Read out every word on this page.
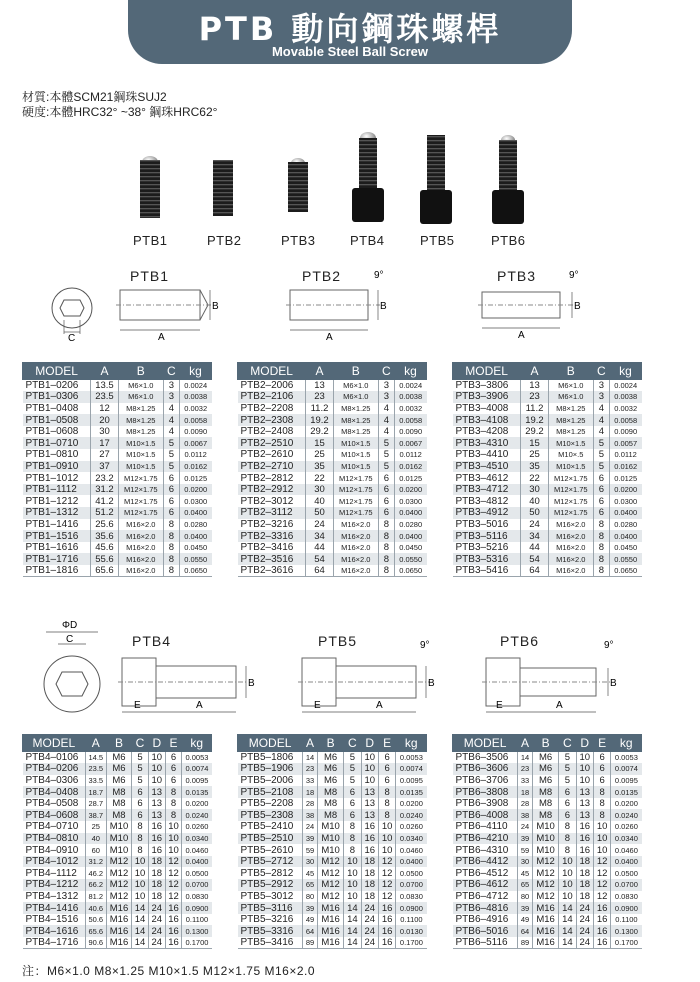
PTB 動向鋼珠螺桿
Movable Steel Ball Screw
材質:本體SCM21鋼珠SUJ2
硬度:本體HRC32° ~38° 鋼珠HRC62°
PTB1	PTB2	PTB3	PTB4	PTB5	PTB6
PTB1	PTB2	PTB3
PTB4	PTB5	PTB6
C
B
A
B
9°
A
B
9°
A
ΦD
C
B
E	A
B
9°
E	A
B
9°
E	A
MODEL	A	B	C	kg
PTB1–0206	13.5	M6×1.0	3	0.0024
PTB1–0306	23.5	M6×1.0	3	0.0038
PTB1–0408	12	M8×1.25	4	0.0032
PTB1–0508	20	M8×1.25	4	0.0058
PTB1–0608	30	M8×1.25	4	0.0090
PTB1–0710	17	M10×1.5	5	0.0067
PTB1–0810	27	M10×1.5	5	0.0112
PTB1–0910	37	M10×1.5	5	0.0162
PTB1–1012	23.2	M12×1.75	6	0.0125
PTB1–1112	31.2	M12×1.75	6	0.0200
PTB1–1212	41.2	M12×1.75	6	0.0300
PTB1–1312	51.2	M12×1.75	6	0.0400
PTB1–1416	25.6	M16×2.0	8	0.0280
PTB1–1516	35.6	M16×2.0	8	0.0400
PTB1–1616	45.6	M16×2.0	8	0.0450
PTB1–1716	55.6	M16×2.0	8	0.0550
PTB1–1816	65.6	M16×2.0	8	0.0650
MODEL	A	B	C	kg
PTB2–2006	13	M6×1.0	3	0.0024
PTB2–2106	23	M6×1.0	3	0.0038
PTB2–2208	11.2	M8×1.25	4	0.0032
PTB2–2308	19.2	M8×1.25	4	0.0058
PTB2–2408	29.2	M8×1.25	4	0.0090
PTB2–2510	15	M10×1.5	5	0.0067
PTB2–2610	25	M10×1.5	5	0.0112
PTB2–2710	35	M10×1.5	5	0.0162
PTB2–2812	22	M12×1.75	6	0.0125
PTB2–2912	30	M12×1.75	6	0.0200
PTB2–3012	40	M12×1.75	6	0.0300
PTB2–3112	50	M12×1.75	6	0.0400
PTB2–3216	24	M16×2.0	8	0.0280
PTB2–3316	34	M16×2.0	8	0.0400
PTB2–3416	44	M16×2.0	8	0.0450
PTB2–3516	54	M16×2.0	8	0.0550
PTB2–3616	64	M16×2.0	8	0.0650
MODEL	A	B	C	kg
PTB3–3806	13	M6×1.0	3	0.0024
PTB3–3906	23	M6×1.0	3	0.0038
PTB3–4008	11.2	M8×1.25	4	0.0032
PTB3–4108	19.2	M8×1.25	4	0.0058
PTB3–4208	29.2	M8×1.25	4	0.0090
PTB3–4310	15	M10×1.5	5	0.0057
PTB3–4410	25	M10×.5	5	0.0112
PTB3–4510	35	M10×1.5	5	0.0162
PTB3–4612	22	M12×1.75	6	0.0125
PTB3–4712	30	M12×1.75	6	0.0200
PTB3–4812	40	M12×1.75	6	0.0300
PTB3–4912	50	M12×1.75	6	0.0400
PTB3–5016	24	M16×2.0	8	0.0280
PTB3–5116	34	M16×2.0	8	0.0400
PTB3–5216	44	M16×2.0	8	0.0450
PTB3–5316	54	M16×2.0	8	0.0550
PTB3–5416	64	M16×2.0	8	0.0650
MODEL	A	B	C	D	E	kg
PTB4–0106	14.5	M6	5	10	6	0.0053
PTB4–0206	23.5	M6	5	10	6	0.0074
PTB4–0306	33.5	M6	5	10	6	0.0095
PTB4–0408	18.7	M8	6	13	8	0.0135
PTB4–0508	28.7	M8	6	13	8	0.0200
PTB4–0608	38.7	M8	6	13	8	0.0240
PTB4–0710	25	M10	8	16	10	0.0260
PTB4–0810	40	M10	8	16	10	0.0340
PTB4–0910	60	M10	8	16	10	0.0460
PTB4–1012	31.2	M12	10	18	12	0.0400
PTB4–1112	46.2	M12	10	18	12	0.0500
PTB4–1212	66.2	M12	10	18	12	0.0700
PTB4–1312	81.2	M12	10	18	12	0.0830
PTB4–1416	40.6	M16	14	24	16	0.0900
PTB4–1516	50.6	M16	14	24	16	0.1100
PTB4–1616	65.6	M16	14	24	16	0.1300
PTB4–1716	90.6	M16	14	24	16	0.1700
MODEL	A	B	C	D	E	kg
PTB5–1806	14	M6	5	10	6	0.0053
PTB5–1906	23	M6	5	10	6	0.0074
PTB5–2006	33	M6	5	10	6	0.0095
PTB5–2108	18	M8	6	13	8	0.0135
PTB5–2208	28	M8	6	13	8	0.0200
PTB5–2308	38	M8	6	13	8	0.0240
PTB5–2410	24	M10	8	16	10	0.0260
PTB5–2510	39	M10	8	16	10	0.0340
PTB5–2610	59	M10	8	16	10	0.0460
PTB5–2712	30	M12	10	18	12	0.0400
PTB5–2812	45	M12	10	18	12	0.0500
PTB5–2912	65	M12	10	18	12	0.0700
PTB5–3012	80	M12	10	18	12	0.0830
PTB5–3116	39	M16	14	24	16	0.0900
PTB5–3216	49	M16	14	24	16	0.1100
PTB5–3316	64	M16	14	24	16	0.0130
PTB5–3416	89	M16	14	24	16	0.1700
MODEL	A	B	C	D	E	kg
PTB6–3506	14	M6	5	10	6	0.0053
PTB6–3606	23	M6	5	10	6	0.0074
PTB6–3706	33	M6	5	10	6	0.0095
PTB6–3808	18	M8	6	13	8	0.0135
PTB6–3908	28	M8	6	13	8	0.0200
PTB6–4008	38	M8	6	13	8	0.0240
PTB6–4110	24	M10	8	16	10	0.0260
PTB6–4210	39	M10	8	16	10	0.0340
PTB6–4310	59	M10	8	16	10	0.0460
PTB6–4412	30	M12	10	18	12	0.0400
PTB6–4512	45	M12	10	18	12	0.0500
PTB6–4612	65	M12	10	18	12	0.0700
PTB6–4712	80	M12	10	18	12	0.0830
PTB6–4816	39	M16	14	24	16	0.0900
PTB6–4916	49	M16	14	24	16	0.1100
PTB6–5016	64	M16	14	24	16	0.1300
PTB6–5116	89	M16	14	24	16	0.1700
注：M6×1.0 M8×1.25 M10×1.5 M12×1.75 M16×2.0
